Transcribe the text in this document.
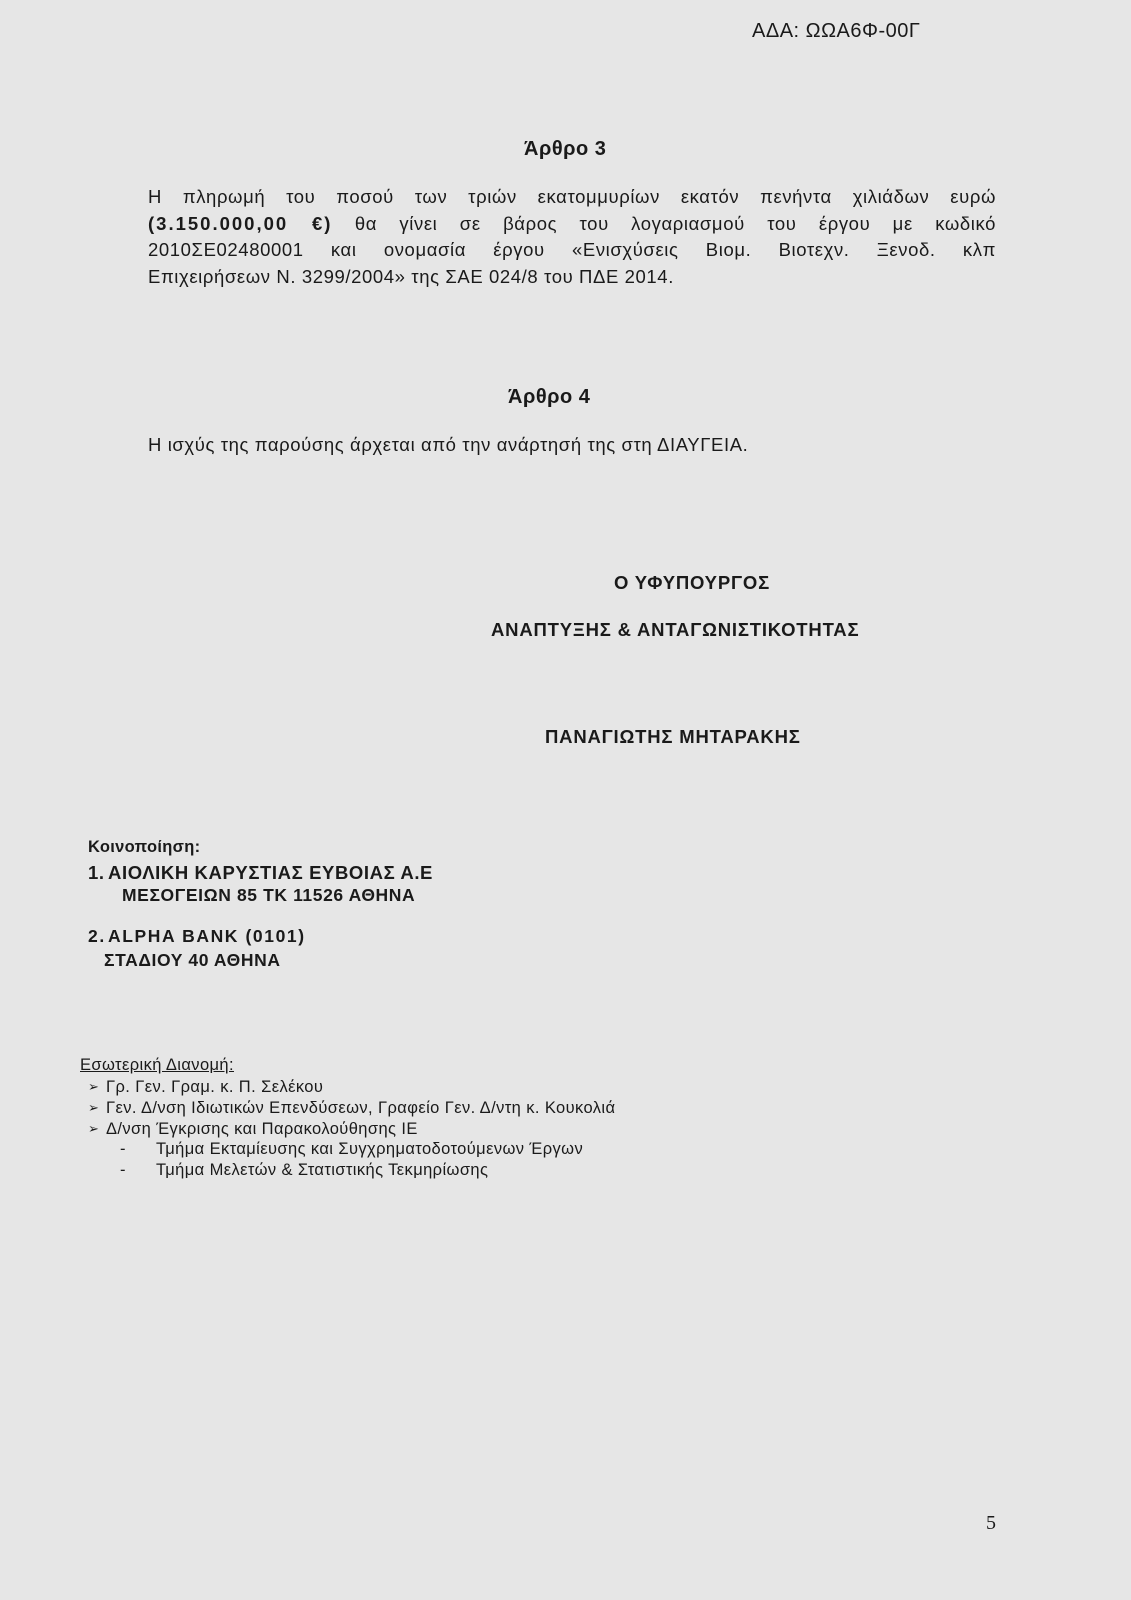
ΑΔΑ: ΩΩΑ6Φ-00Γ
Άρθρο 3
Η πληρωμή του ποσού των τριών εκατομμυρίων εκατόν πενήντα χιλιάδων ευρώ
(3.150.000,00 €) θα γίνει σε βάρος του λογαριασμού του έργου με κωδικό
2010ΣΕ02480001 και ονομασία έργου «Ενισχύσεις Βιομ. Βιοτεχν. Ξενοδ. κλπ
Επιχειρήσεων Ν. 3299/2004» της ΣΑΕ 024/8 του ΠΔΕ 2014.
Άρθρο 4
Η ισχύς της παρούσης άρχεται από την ανάρτησή της στη ΔΙΑΥΓΕΙΑ.
Ο ΥΦΥΠΟΥΡΓΟΣ
ΑΝΑΠΤΥΞΗΣ & ΑΝΤΑΓΩΝΙΣΤΙΚΟΤΗΤΑΣ
ΠΑΝΑΓΙΩΤΗΣ ΜΗΤΑΡΑΚΗΣ
Κοινοποίηση:
1. ΑΙΟΛΙΚΗ ΚΑΡΥΣΤΙΑΣ ΕΥΒΟΙΑΣ Α.Ε
ΜΕΣΟΓΕΙΩΝ 85 ΤΚ 11526 ΑΘΗΝΑ
2. ALPHA BANK (0101)
ΣΤΑΔΙΟΥ 40 ΑΘΗΝΑ
Εσωτερική Διανομή:
➢ Γρ. Γεν. Γραμ. κ. Π. Σελέκου
➢ Γεν. Δ/νση Ιδιωτικών Επενδύσεων, Γραφείο Γεν. Δ/ντη κ. Κουκολιά
➢ Δ/νση Έγκρισης και Παρακολούθησης ΙΕ
- Τμήμα Εκταμίευσης και Συγχρηματοδοτούμενων Έργων
- Τμήμα Μελετών & Στατιστικής Τεκμηρίωσης
5
